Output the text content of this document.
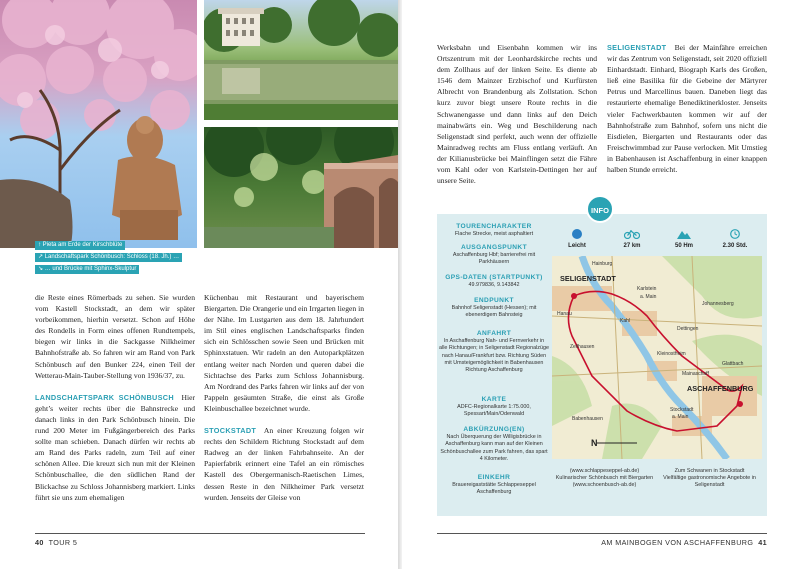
↑ Pieta am Erde der Kirschblüte
↗ Landschaftspark Schönbusch: Schloss (18. Jh.) …
↘ … und Brücke mit Sphinx-Skulptur

die Reste eines Römerbads zu sehen. Sie wurden vom Kastell Stockstadt, an dem wir später vorbeikommen, hierhin versetzt. Schon auf Höhe des Rondells in Form eines offenen Rundtempels, biegen wir links in die Sackgasse Nilkheimer Bahnhofstraße ab. So fahren wir am Rand von Park Schönbusch auf den Bunker 224, einen Teil der Wetterau-Main-Tauber-Stellung von 1936/37, zu.

LANDSCHAFTSPARK SCHÖNBUSCH Hier geht’s weiter rechts über die Bahnstrecke und danach links in den Park Schönbusch hinein. Die rund 200 Meter im Fußgängerbereich des Parks sollte man schieben. Danach dürfen wir rechts ab am Rand des Parks radeln, zum Teil auf einer schönen Allee. Die kreuzt sich nun mit der Kleinen Schönbuschallee, die den südlichen Rand der Blickachse zu Schloss Johannisberg markiert. Links führt sie uns zum ehemaligen

Küchenbau mit Restaurant und bayerischem Biergarten. Die Orangerie und ein Irrgarten liegen in der Nähe. Im Lustgarten aus dem 18. Jahrhundert im Stil eines englischen Landschaftsparks finden sich ein Schlösschen sowie Seen und Brücken mit Sphinxstatuen. Wir radeln an den Autoparkplätzen entlang weiter nach Norden und queren dabei die Sichtachse des Parks zum Schloss Johannisburg. Am Nordrand des Parks fahren wir links auf der von Pappeln gesäumten Straße, die einst als Große Kleinbuschallee bezeichnet wurde.

STOCKSTADT An einer Kreuzung folgen wir rechts den Schildern Richtung Stockstadt auf dem Radweg an der linken Fahrbahnseite. An der Papierfabrik erinnert eine Tafel an ein römisches Kastell des Obergermanisch-Raetischen Limes, dessen Reste in den Nilkheimer Park versetzt wurden. Jenseits der Gleise von

40 TOUR 5

Werksbahn und Eisenbahn kommen wir ins Ortszentrum mit der Leonhardskirche rechts und dem Zollhaus auf der linken Seite. Es diente ab 1546 dem Mainzer Erzbischof und Kurfürsten Albrecht von Brandenburg als Zollstation. Schon kurz zuvor biegt unsere Route rechts in die Schwanengasse und dann links auf den Deich mainabwärts ein. Weg und Beschilderung nach Seligenstadt sind perfekt, auch wenn der offizielle Mainradweg rechts am Fluss entlang verläuft. An der Kilianusbrücke bei Mainflingen setzt die Fähre vom Kahl oder von Karlstein-Dettingen her auf unsere Seite.

SELIGENSTADT Bei der Mainfähre erreichen wir das Zentrum von Seligenstadt, seit 2020 offiziell Einhardstadt. Einhard, Biograph Karls des Großen, ließ eine Basilika für die Gebeine der Märtyrer Petrus und Marcellinus bauen. Daneben liegt das restaurierte ehemalige Benediktinerkloster. Jenseits vieler Fachwerkbauten kommen wir auf der Bahnhofstraße zum Bahnhof, sofern uns nicht die Eisdielen, Biergarten und Restaurants oder das Freischwimmbad zur Pause verlocken. Mit Umstieg in Babenhausen ist Aschaffenburg in einer knappen halben Stunde erreicht.

TOURENCHARAKTER
Flache Strecke, meist asphaltiert
AUSGANGSPUNKT
Aschaffenburg Hbf; barrierefrei mit Parkhäusern
GPS-DATEN (STARTPUNKT)
49.979836, 9.143842
ENDPUNKT
Bahnhof Seligenstadt (Hessen); mit ebenerdigem Bahnsteig
ANFAHRT
In Aschaffenburg Nah- und Fernverkehr in alle Richtungen; in Seligenstadt Regionalzüge nach Hanau/Frankfurt bzw. Richtung Süden mit Umsteigemöglichkeit in Babenhausen Richtung Aschaffenburg
KARTE
ADFC-Regionalkarte 1:75.000, Spessart/Main/Odenwald
ABKÜRZUNG(EN)
Nach Überquerung der Willigisbrücke in Aschaffenburg kann man auf der Kleinen Schönbuschallee zum Park fahren, das spart 4 Kilometer.
EINKEHR
Brauereigaststätte Schlappeseppel Aschaffenburg
Leicht	27 km	50 Hm	2.30 Std.
N
SELIGENSTADT
ASCHAFFENBURG
Karlstein
a. Main
Johannesberg
Kleinostheim
Stockstadt
a. Main
Glattbach
Mainaschaff
Zellhausen
Hainburg
Kahl
Dettingen
Hanau
Babenhausen
(www.schlappeseppel-ab.de)
Kulinarischer Schönbusch mit Biergarten (www.schoenbusch-ab.de)
Zum Schwanen in Stockstadt
Vielfältige gastronomische Angebote in Seligenstadt
INFO
AM MAINBOGEN VON ASCHAFFENBURG 41
